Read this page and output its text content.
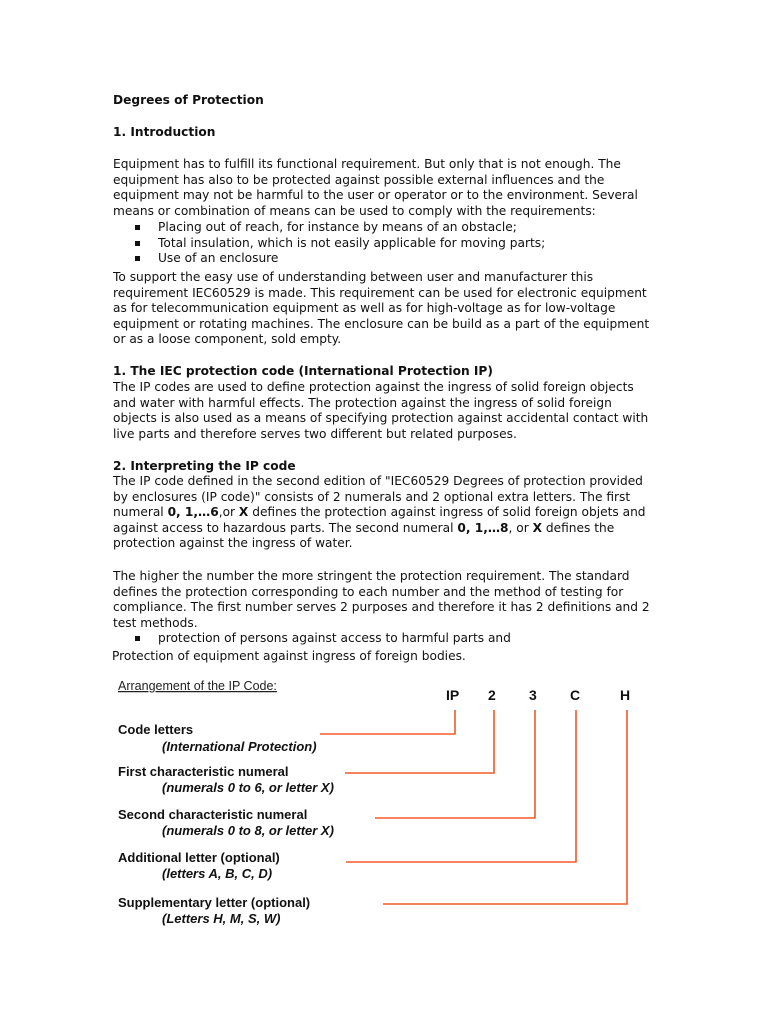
Degrees of Protection
1. Introduction
Equipment has to fulfill its functional requirement. But only that is not enough. The
equipment has also to be protected against possible external influences and the
equipment may not be harmful to the user or operator or to the environment. Several
means or combination of means can be used to comply with the requirements:
Placing out of reach, for instance by means of an obstacle;
Total insulation, which is not easily applicable for moving parts;
Use of an enclosure
To support the easy use of understanding between user and manufacturer this
requirement IEC60529 is made. This requirement can be used for electronic equipment
as for telecommunication equipment as well as for high-voltage as for low-voltage
equipment or rotating machines. The enclosure can be build as a part of the equipment
or as a loose component, sold empty.
1. The IEC protection code (International Protection IP)
The IP codes are used to define protection against the ingress of solid foreign objects
and water with harmful effects. The protection against the ingress of solid foreign
objects is also used as a means of specifying protection against accidental contact with
live parts and therefore serves two different but related purposes.
2. Interpreting the IP code
The IP code defined in the second edition of "IEC60529 Degrees of protection provided
by enclosures (IP code)" consists of 2 numerals and 2 optional extra letters. The first
numeral 0, 1,…6,or X defines the protection against ingress of solid foreign objets and
against access to hazardous parts. The second numeral 0, 1,…8, or X defines the
protection against the ingress of water.
The higher the number the more stringent the protection requirement. The standard
defines the protection corresponding to each number and the method of testing for
compliance. The first number serves 2 purposes and therefore it has 2 definitions and 2
test methods.
protection of persons against access to harmful parts and
Protection of equipment against ingress of foreign bodies.
Arrangement of the IP Code:
IP 2 3 C	H
Code letters
(International Protection)
First characteristic numeral
(numerals 0 to 6, or letter X)
Second characteristic numeral
(numerals 0 to 8, or letter X)
Additional letter (optional)
(letters A, B, C, D)
Supplementary letter (optional)
(Letters H, M, S, W)
